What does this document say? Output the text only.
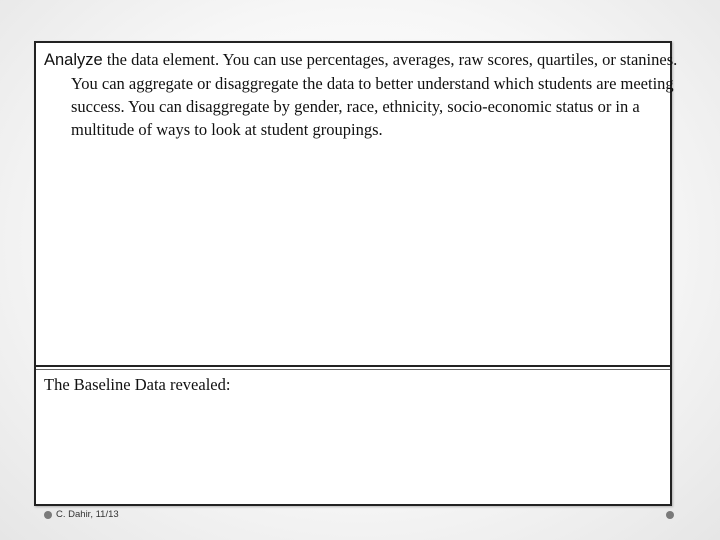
Analyze the data element. You can use percentages, averages, raw scores, quartiles, or stanines. You can aggregate or disaggregate the data to better understand which students are meeting success. You can disaggregate by gender, race, ethnicity, socio-economic status or in a multitude of ways to look at student groupings.
The Baseline Data revealed:
C. Dahir, 11/13
